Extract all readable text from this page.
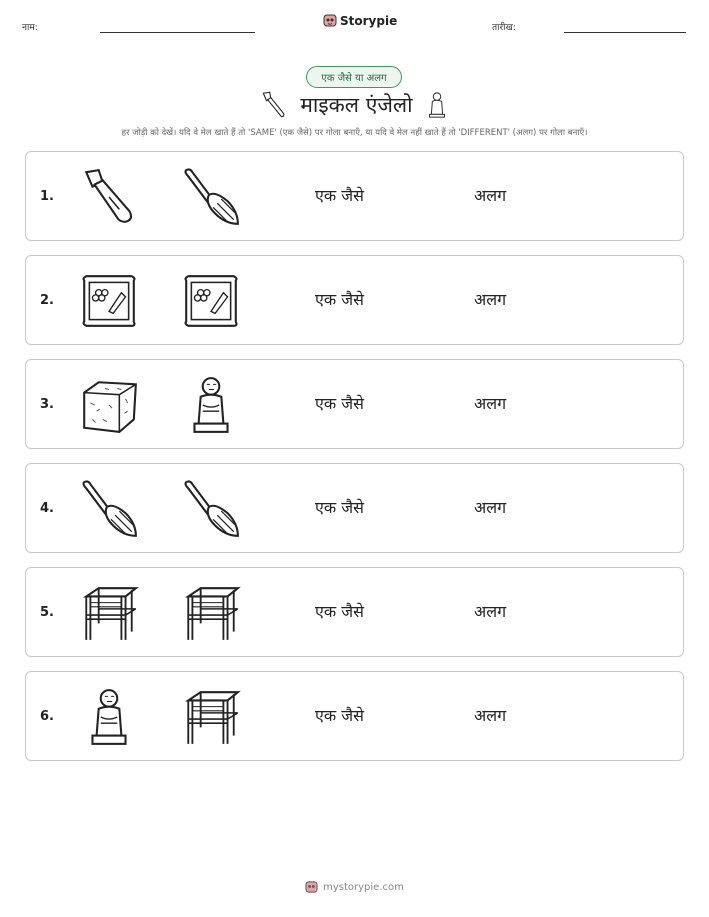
नाम:
Storypie
तारीख:
एक जैसे या अलग
माइकल एंजेलो
हर जोड़ी को देखें। यदि वे मेल खाते हैं तो 'SAME' (एक जैसे) पर गोला बनाएँ, या यदि वे मेल नहीं खाते हैं तो 'DIFFERENT' (अलग) पर गोला बनाएँ।
1.	एक जैसे	अलग
2.	एक जैसे	अलग
3.	एक जैसे	अलग
4.	एक जैसे	अलग
5.	एक जैसे	अलग
6.	एक जैसे	अलग
mystorypie.com
